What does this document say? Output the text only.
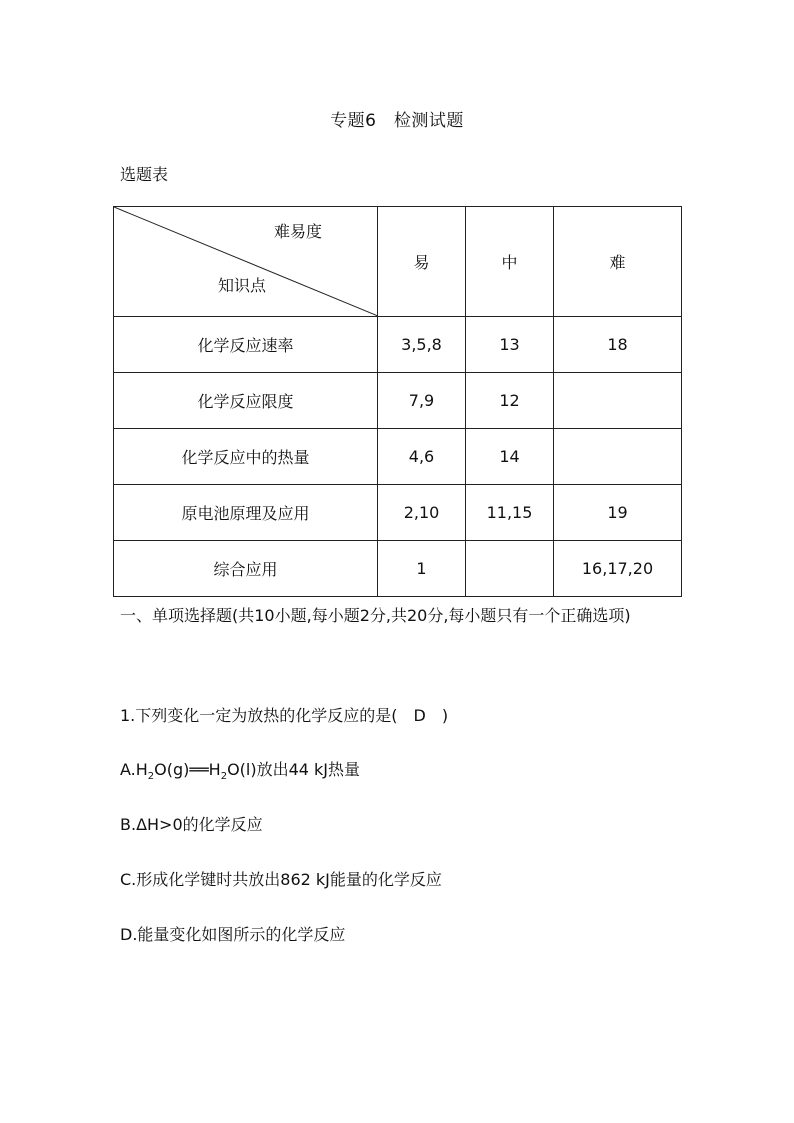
专题6　检测试题
选题表
难易度
知识点	易	中	难
化学反应速率	3,5,8	13	18
化学反应限度	7,9	12	
化学反应中的热量	4,6	14	
原电池原理及应用	2,10	11,15	19
综合应用	1		16,17,20
一、单项选择题(共10小题,每小题2分,共20分,每小题只有一个正确选项)
1.下列变化一定为放热的化学反应的是(　D　)
$A.H_2O(g)══H_2O(l)$放出44 kJ热量
B.ΔH>0的化学反应
C.形成化学键时共放出862 kJ能量的化学反应
D.能量变化如图所示的化学反应
